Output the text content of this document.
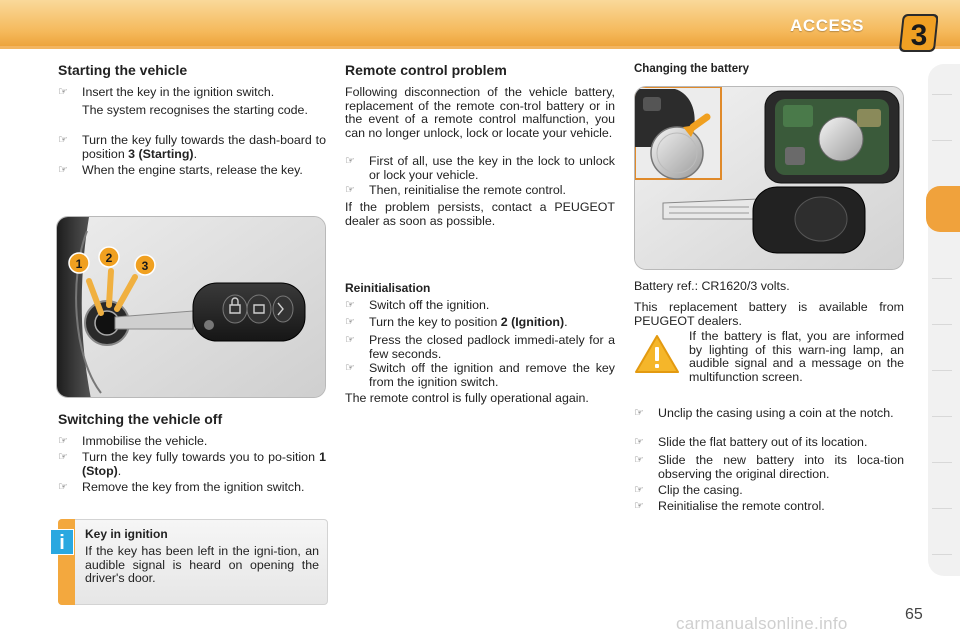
ACCESS 3
Starting the vehicle
☞	Insert the key in the ignition switch.
The system recognises the starting code.
☞	Turn the key fully towards the dash-board to position 3 (Starting).
☞	When the engine starts, release the key.
1 2
3
Switching the vehicle off
☞	Immobilise the vehicle.
☞	Turn the key fully towards you to po-sition 1 (Stop).
☞	Remove the key from the ignition switch.
i	Key in ignition
If the key has been left in the igni-tion, an audible signal is heard on opening the driver's door.
Remote control problem
Following disconnection of the vehicle battery, replacement of the remote con-trol battery or in the event of a remote control malfunction, you can no longer unlock, lock or locate your vehicle.
☞	First of all, use the key in the lock to unlock or lock your vehicle.
☞	Then, reinitialise the remote control.
If the problem persists, contact a PEUGEOT dealer as soon as possible.
Reinitialisation
☞	Switch off the ignition.
☞	Turn the key to position 2 (Ignition).
☞	Press the closed padlock immedi-ately for a few seconds.
☞	Switch off the ignition and remove the key from the ignition switch.
The remote control is fully operational again.
Changing the battery
Battery ref.: CR1620/3 volts.
This replacement battery is available from PEUGEOT dealers.
If the battery is flat, you are informed by lighting of this warn-ing lamp, an audible signal and a message on the multifunction screen.
☞	Unclip the casing using a coin at the notch.
☞	Slide the flat battery out of its location.
☞	Slide the new battery into its loca-tion observing the original direction.
☞	Clip the casing.
☞	Reinitialise the remote control.
carmanualsonline.info	65
